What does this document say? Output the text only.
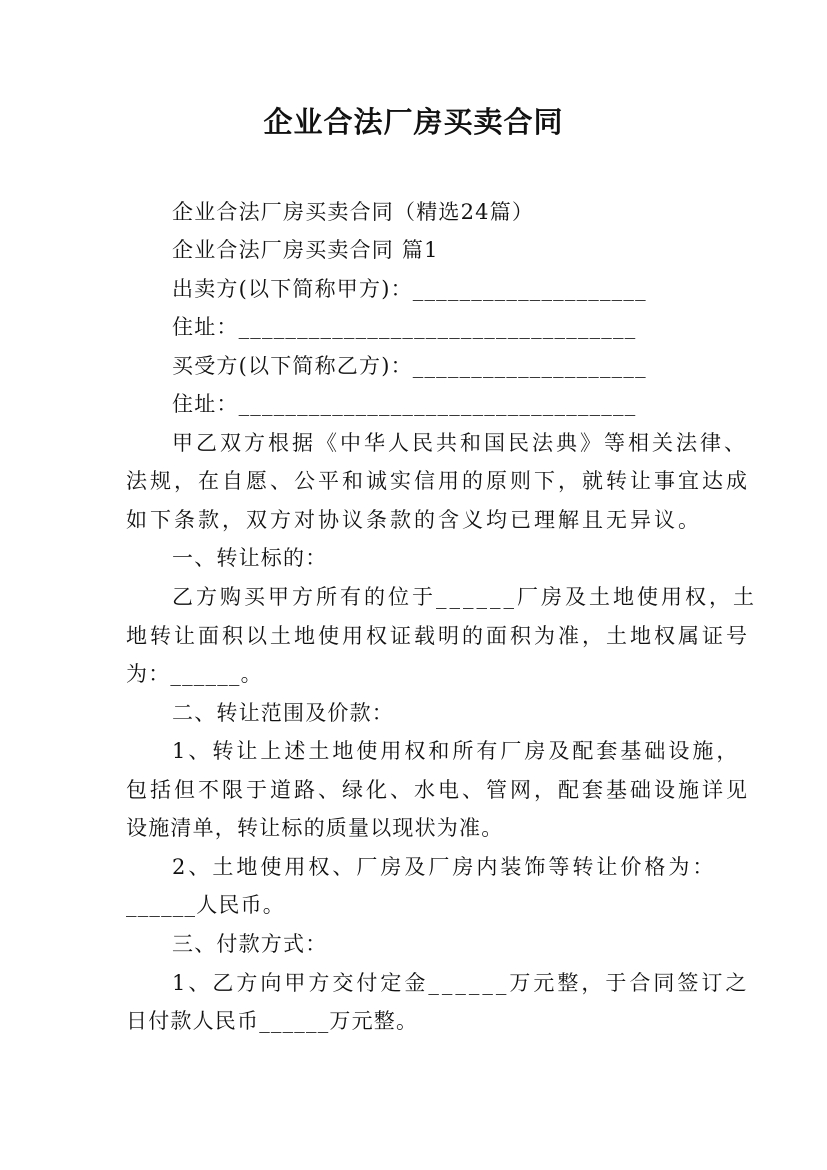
企业合法厂房买卖合同
企业合法厂房买卖合同（精选24篇）
企业合法厂房买卖合同 篇1
出卖方(以下简称甲方)：____________________
住址：__________________________________
买受方(以下简称乙方)：____________________
住址：__________________________________
甲乙双方根据《中华人民共和国民法典》等相关法律、
法规，在自愿、公平和诚实信用的原则下，就转让事宜达成
如下条款，双方对协议条款的含义均已理解且无异议。
一、转让标的：
乙方购买甲方所有的位于______厂房及土地使用权，土
地转让面积以土地使用权证载明的面积为准，土地权属证号
为：______。
二、转让范围及价款：
1、转让上述土地使用权和所有厂房及配套基础设施，
包括但不限于道路、绿化、水电、管网，配套基础设施详见
设施清单，转让标的质量以现状为准。
2、土地使用权、厂房及厂房内装饰等转让价格为：
______人民币。
三、付款方式：
1、乙方向甲方交付定金______万元整，于合同签订之
日付款人民币______万元整。
